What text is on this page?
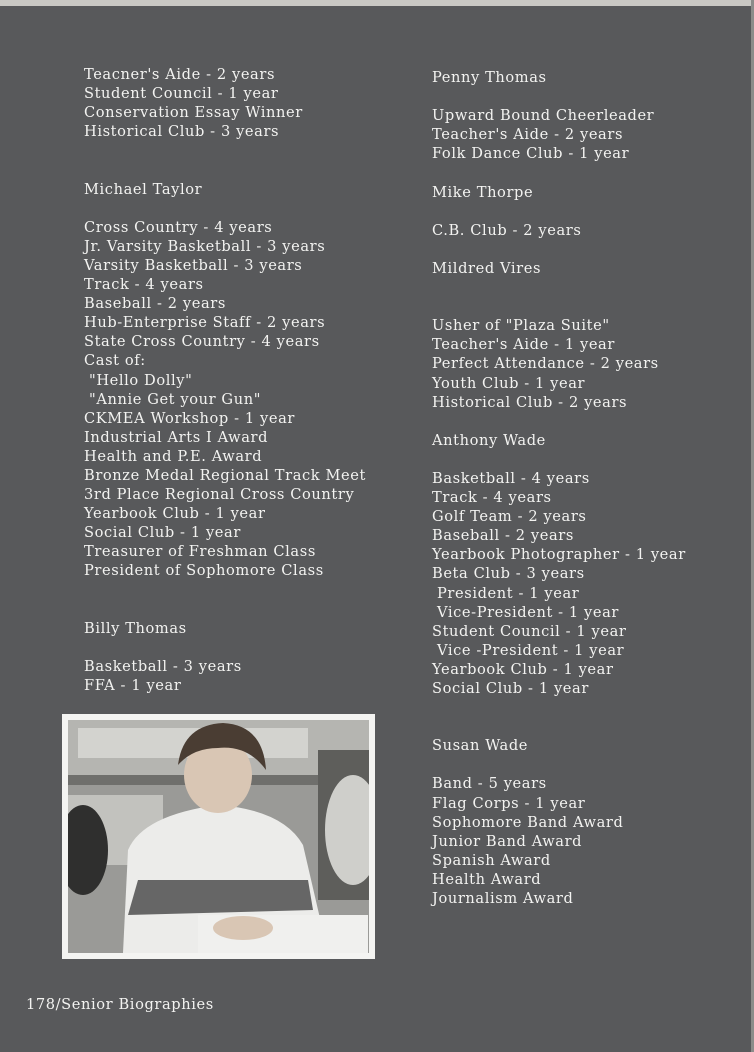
Teacner's Aide - 2 years
Student Council - 1 year
Conservation Essay Winner
Historical Club - 3 years
Michael Taylor
Cross Country - 4 years
Jr. Varsity Basketball - 3 years
Varsity Basketball - 3 years
Track - 4 years
Baseball - 2 years
Hub-Enterprise Staff - 2 years
State Cross Country - 4 years
Cast of:
"Hello Dolly"
"Annie Get your Gun"
CKMEA Workshop - 1 year
Industrial Arts I Award
Health and P.E. Award
Bronze Medal Regional Track Meet
3rd Place Regional Cross Country
Yearbook Club - 1 year
Social Club - 1 year
Treasurer of Freshman Class
President of Sophomore Class
Billy Thomas
Basketball - 3 years
FFA - 1 year
Penny Thomas
Upward Bound Cheerleader
Teacher's Aide - 2 years
Folk Dance Club - 1 year
Mike Thorpe
C.B. Club - 2 years
Mildred Vires
Usher of "Plaza Suite"
Teacher's Aide - 1 year
Perfect Attendance - 2 years
Youth Club - 1 year
Historical Club - 2 years
Anthony Wade
Basketball - 4 years
Track - 4 years
Golf Team - 2 years
Baseball - 2 years
Yearbook Photographer - 1 year
Beta Club - 3 years
President - 1 year
Vice-President - 1 year
Student Council - 1 year
Vice -President - 1 year
Yearbook Club - 1 year
Social Club - 1 year
Susan Wade
Band - 5 years
Flag Corps - 1 year
Sophomore Band Award
Junior Band Award
Spanish Award
Health Award
Journalism Award
178/Senior Biographies
